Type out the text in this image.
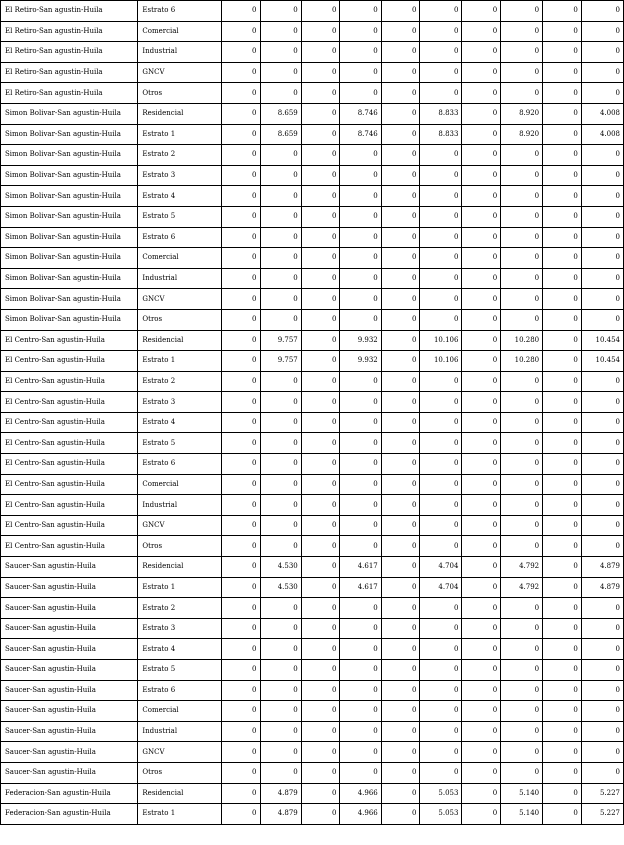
El Retiro-San agustin-Huila	Estrato 6	0	0	0	0	0	0	0	0	0	0
El Retiro-San agustin-Huila	Comercial	0	0	0	0	0	0	0	0	0	0
El Retiro-San agustin-Huila	Industrial	0	0	0	0	0	0	0	0	0	0
El Retiro-San agustin-Huila	GNCV	0	0	0	0	0	0	0	0	0	0
El Retiro-San agustin-Huila	Otros	0	0	0	0	0	0	0	0	0	0
Simon Bolivar-San agustin-Huila	Residencial	0	8.659	0	8.746	0	8.833	0	8.920	0	4.008
Simon Bolivar-San agustin-Huila	Estrato 1	0	8.659	0	8.746	0	8.833	0	8.920	0	4.008
Simon Bolivar-San agustin-Huila	Estrato 2	0	0	0	0	0	0	0	0	0	0
Simon Bolivar-San agustin-Huila	Estrato 3	0	0	0	0	0	0	0	0	0	0
Simon Bolivar-San agustin-Huila	Estrato 4	0	0	0	0	0	0	0	0	0	0
Simon Bolivar-San agustin-Huila	Estrato 5	0	0	0	0	0	0	0	0	0	0
Simon Bolivar-San agustin-Huila	Estrato 6	0	0	0	0	0	0	0	0	0	0
Simon Bolivar-San agustin-Huila	Comercial	0	0	0	0	0	0	0	0	0	0
Simon Bolivar-San agustin-Huila	Industrial	0	0	0	0	0	0	0	0	0	0
Simon Bolivar-San agustin-Huila	GNCV	0	0	0	0	0	0	0	0	0	0
Simon Bolivar-San agustin-Huila	Otros	0	0	0	0	0	0	0	0	0	0
El Centro-San agustin-Huila	Residencial	0	9.757	0	9.932	0	10.106	0	10.280	0	10.454
El Centro-San agustin-Huila	Estrato 1	0	9.757	0	9.932	0	10.106	0	10.280	0	10.454
El Centro-San agustin-Huila	Estrato 2	0	0	0	0	0	0	0	0	0	0
El Centro-San agustin-Huila	Estrato 3	0	0	0	0	0	0	0	0	0	0
El Centro-San agustin-Huila	Estrato 4	0	0	0	0	0	0	0	0	0	0
El Centro-San agustin-Huila	Estrato 5	0	0	0	0	0	0	0	0	0	0
El Centro-San agustin-Huila	Estrato 6	0	0	0	0	0	0	0	0	0	0
El Centro-San agustin-Huila	Comercial	0	0	0	0	0	0	0	0	0	0
El Centro-San agustin-Huila	Industrial	0	0	0	0	0	0	0	0	0	0
El Centro-San agustin-Huila	GNCV	0	0	0	0	0	0	0	0	0	0
El Centro-San agustin-Huila	Otros	0	0	0	0	0	0	0	0	0	0
Saucer-San agustin-Huila	Residencial	0	4.530	0	4.617	0	4.704	0	4.792	0	4.879
Saucer-San agustin-Huila	Estrato 1	0	4.530	0	4.617	0	4.704	0	4.792	0	4.879
Saucer-San agustin-Huila	Estrato 2	0	0	0	0	0	0	0	0	0	0
Saucer-San agustin-Huila	Estrato 3	0	0	0	0	0	0	0	0	0	0
Saucer-San agustin-Huila	Estrato 4	0	0	0	0	0	0	0	0	0	0
Saucer-San agustin-Huila	Estrato 5	0	0	0	0	0	0	0	0	0	0
Saucer-San agustin-Huila	Estrato 6	0	0	0	0	0	0	0	0	0	0
Saucer-San agustin-Huila	Comercial	0	0	0	0	0	0	0	0	0	0
Saucer-San agustin-Huila	Industrial	0	0	0	0	0	0	0	0	0	0
Saucer-San agustin-Huila	GNCV	0	0	0	0	0	0	0	0	0	0
Saucer-San agustin-Huila	Otros	0	0	0	0	0	0	0	0	0	0
Federacion-San agustin-Huila	Residencial	0	4.879	0	4.966	0	5.053	0	5.140	0	5.227
Federacion-San agustin-Huila	Estrato 1	0	4.879	0	4.966	0	5.053	0	5.140	0	5.227
